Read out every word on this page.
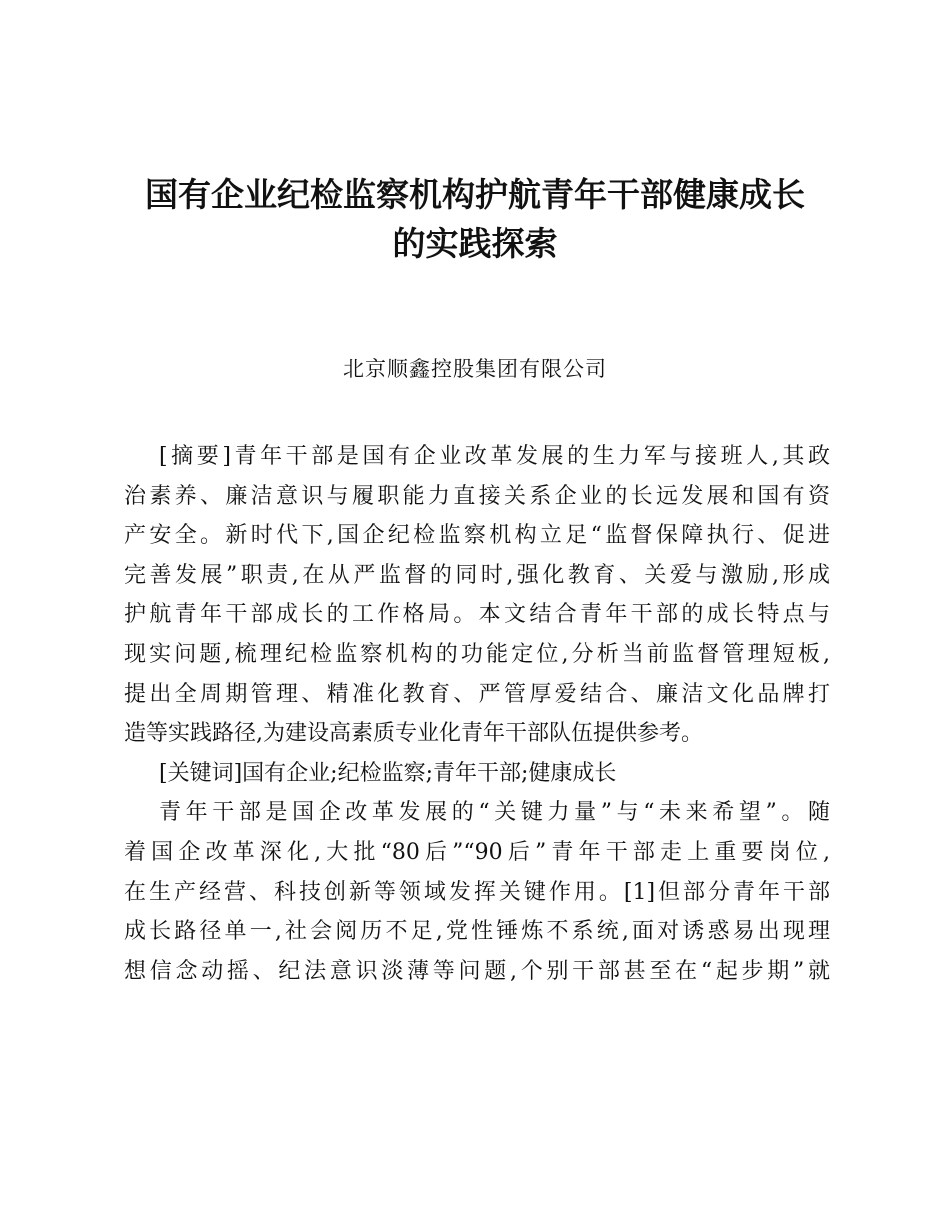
国有企业纪检监察机构护航青年干部健康成长
的实践探索

北京顺鑫控股集团有限公司

[摘要]青年干部是国有企业改革发展的生力军与接班人,其政
治素养、廉洁意识与履职能力直接关系企业的长远发展和国有资
产安全。新时代下,国企纪检监察机构立足“监督保障执行、促进
完善发展”职责,在从严监督的同时,强化教育、关爱与激励,形成
护航青年干部成长的工作格局。本文结合青年干部的成长特点与
现实问题,梳理纪检监察机构的功能定位,分析当前监督管理短板,
提出全周期管理、精准化教育、严管厚爱结合、廉洁文化品牌打
造等实践路径,为建设高素质专业化青年干部队伍提供参考。
[关键词]国有企业;纪检监察;青年干部;健康成长
青年干部是国企改革发展的“关键力量”与“未来希望”。随
着国企改革深化,大批“80后”“90后”青年干部走上重要岗位,
在生产经营、科技创新等领域发挥关键作用。[1]但部分青年干部
成长路径单一,社会阅历不足,党性锤炼不系统,面对诱惑易出现理
想信念动摇、纪法意识淡薄等问题,个别干部甚至在“起步期”就
